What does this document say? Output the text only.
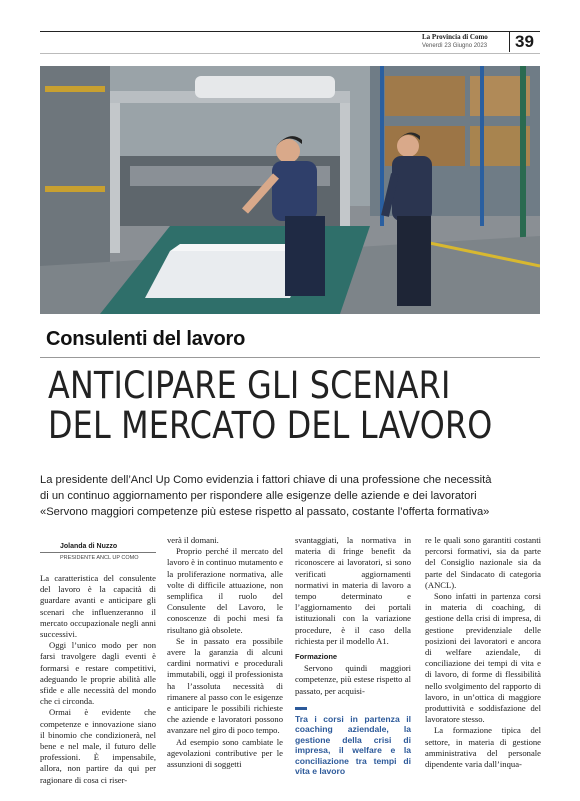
La Provincia di Como
Venerdì 23 Giugno 2023 39
Consulenti del lavoro
ANTICIPARE GLI SCENARI
DEL MERCATO DEL LAVORO
La presidente dell’Ancl Up Como evidenzia i fattori chiave di una professione che necessità
di un continuo aggiornamento per rispondere alle esigenze delle aziende e dei lavoratori
«Servono maggiori competenze più estese rispetto al passato, costante l’offerta formativa»
Jolanda di Nuzzo
PRESIDENTE ANCL UP COMO

La caratteristica del consulente del lavoro è la capacità di guardare avanti e anticipare gli scenari che influenzeranno il mercato occupazionale negli anni successivi.

Oggi l’unico modo per non farsi travolgere dagli eventi è formarsi e restare competitivi, adeguando le proprie abilità alle sfide e alle necessità del mondo che ci circonda.

Ormai è evidente che competenze e innovazione siano il binomio che condizionerà, nel bene e nel male, il futuro delle professioni. È impensabile, allora, non partire da qui per ragionare di cosa ci riser-

verà il domani.

Proprio perché il mercato del lavoro è in continuo mutamento e la proliferazione normativa, alle volte di difficile attuazione, non semplifica il ruolo del Consulente del Lavoro, le conoscenze di pochi mesi fa risultano già obsolete.

Se in passato era possibile avere la garanzia di alcuni cardini normativi e procedurali immutabili, oggi il professionista ha l’assoluta necessità di rimanere al passo con le esigenze e anticipare le possibili richieste che aziende e lavoratori possono avanzare nel giro di poco tempo.

Ad esempio sono cambiate le agevolazioni contributive per le assunzioni di soggetti

svantaggiati, la normativa in materia di fringe benefit da riconoscere ai lavoratori, si sono verificati aggiornamenti normativi in materia di lavoro a tempo determinato e l’aggiornamento dei portali istituzionali con la variazione procedure, è il caso della richiesta per il modello A1.

Formazione

Servono quindi maggiori competenze, più estese rispetto al passato, per acquisi-

Tra i corsi in partenza il coaching aziendale, la gestione della crisi di impresa, il welfare e la conciliazione tra tempi di vita e lavoro

re le quali sono garantiti costanti percorsi formativi, sia da parte del Consiglio nazionale sia da parte del Sindacato di categoria (ANCL).

Sono infatti in partenza corsi in materia di coaching, di gestione della crisi di impresa, di gestione previdenziale delle posizioni dei lavoratori e ancora di welfare aziendale, di conciliazione dei tempi di vita e di lavoro, di forme di flessibilità nello svolgimento del rapporto di lavoro, in un’ottica di maggiore produttività e soddisfazione del lavoratore stesso.

La formazione tipica del settore, in materia di gestione amministrativa del personale dipendente varia dall’inqua-
